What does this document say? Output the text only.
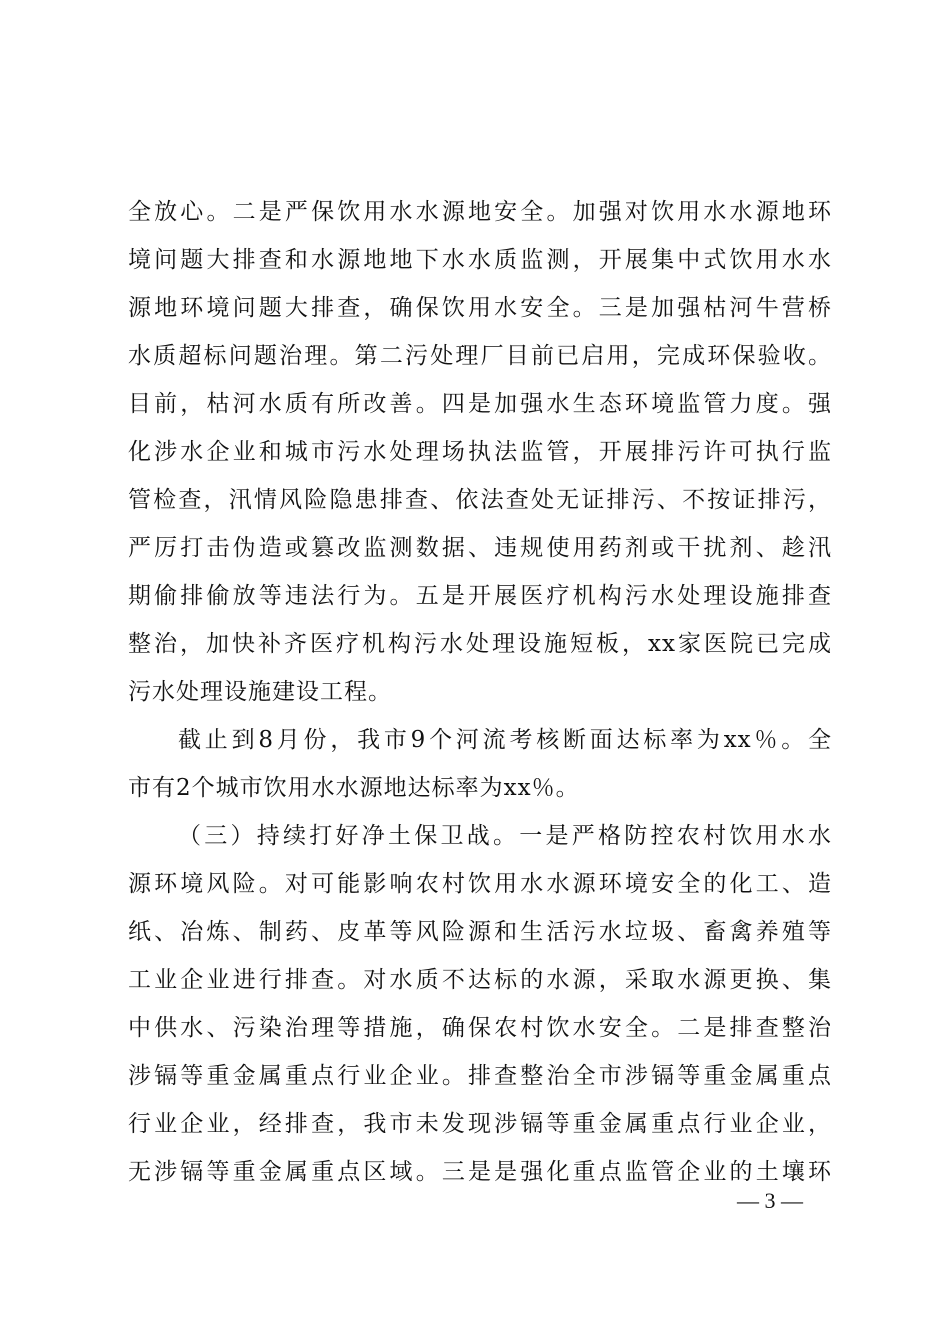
全放心。二是严保饮用水水源地安全。加强对饮用水水源地环
境问题大排查和水源地地下水水质监测，开展集中式饮用水水
源地环境问题大排查，确保饮用水安全。三是加强枯河牛营桥
水质超标问题治理。第二污处理厂目前已启用，完成环保验收。
目前，枯河水质有所改善。四是加强水生态环境监管力度。强
化涉水企业和城市污水处理场执法监管，开展排污许可执行监
管检查，汛情风险隐患排查、依法查处无证排污、不按证排污，
严厉打击伪造或篡改监测数据、违规使用药剂或干扰剂、趁汛
期偷排偷放等违法行为。五是开展医疗机构污水处理设施排查
整治，加快补齐医疗机构污水处理设施短板，xx家医院已完成
污水处理设施建设工程。
截止到8月份，我市9个河流考核断面达标率为xx％。全
市有2个城市饮用水水源地达标率为xx％。
（三）持续打好净土保卫战。一是严格防控农村饮用水水
源环境风险。对可能影响农村饮用水水源环境安全的化工、造
纸、冶炼、制药、皮革等风险源和生活污水垃圾、畜禽养殖等
工业企业进行排查。对水质不达标的水源，采取水源更换、集
中供水、污染治理等措施，确保农村饮水安全。二是排查整治
涉镉等重金属重点行业企业。排查整治全市涉镉等重金属重点
行业企业，经排查，我市未发现涉镉等重金属重点行业企业，
无涉镉等重金属重点区域。三是是强化重点监管企业的土壤环
— 3 —
